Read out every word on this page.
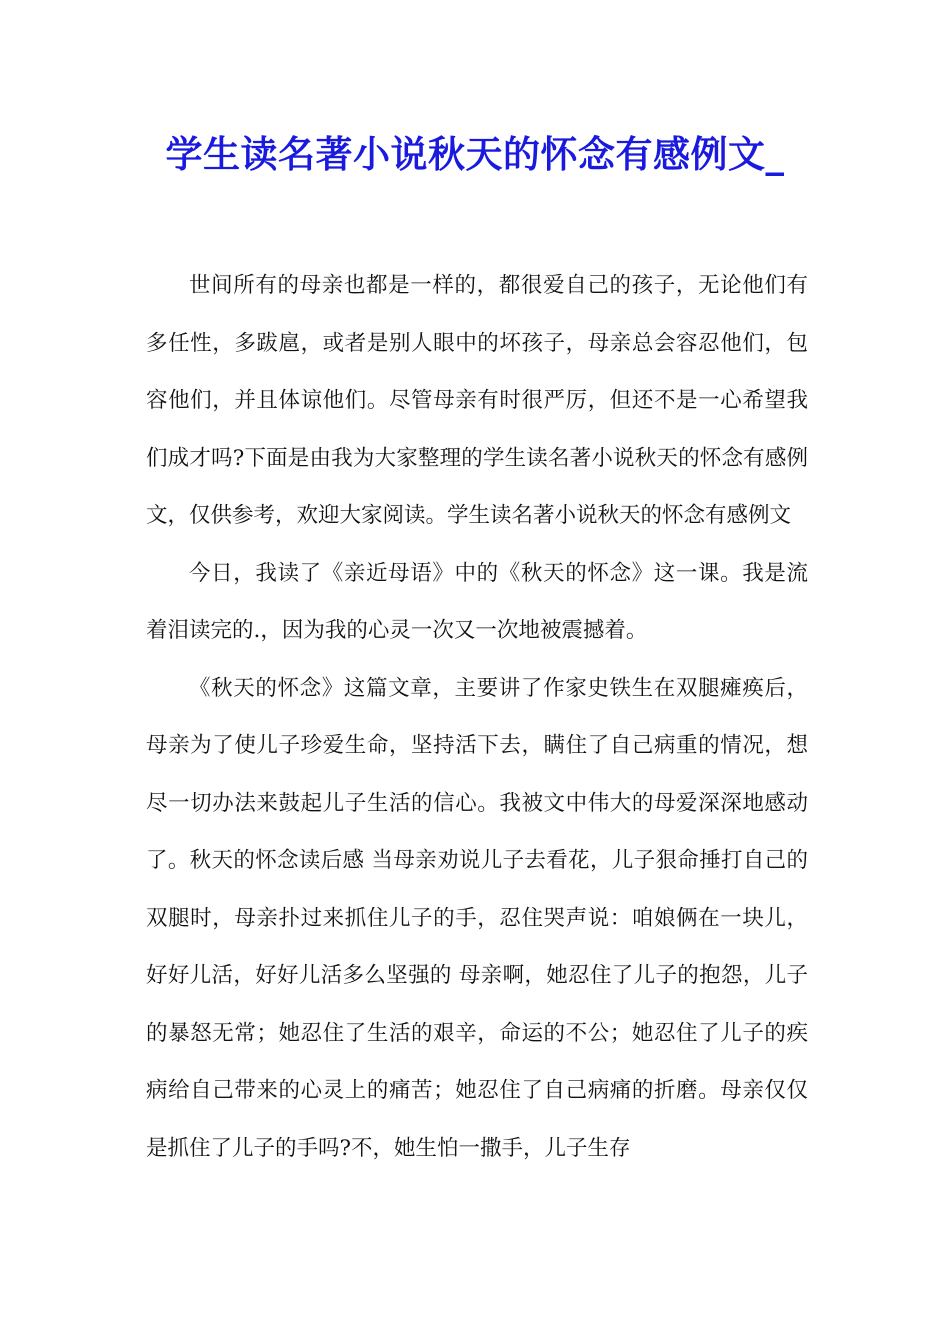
学生读名著小说秋天的怀念有感例文_

世间所有的母亲也都是一样的，都很爱自己的孩子，无论他们有多任性，多跋扈，或者是别人眼中的坏孩子，母亲总会容忍他们，包容他们，并且体谅他们。尽管母亲有时很严厉，但还不是一心希望我们成才吗?下面是由我为大家整理的学生读名著小说秋天的怀念有感例文，仅供参考，欢迎大家阅读。学生读名著小说秋天的怀念有感例文

今日，我读了《亲近母语》中的《秋天的怀念》这一课。我是流着泪读完的.，因为我的心灵一次又一次地被震撼着。

《秋天的怀念》这篇文章，主要讲了作家史铁生在双腿瘫痪后，母亲为了使儿子珍爱生命，坚持活下去，瞒住了自己病重的情况，想尽一切办法来鼓起儿子生活的信心。我被文中伟大的母爱深深地感动了。秋天的怀念读后感 当母亲劝说儿子去看花，儿子狠命捶打自己的双腿时，母亲扑过来抓住儿子的手，忍住哭声说：咱娘俩在一块儿，好好儿活，好好儿活多么坚强的 母亲啊，她忍住了儿子的抱怨，儿子的暴怒无常；她忍住了生活的艰辛，命运的不公；她忍住了儿子的疾病给自己带来的心灵上的痛苦；她忍住了自己病痛的折磨。母亲仅仅是抓住了儿子的手吗?不，她生怕一撒手，儿子生存
